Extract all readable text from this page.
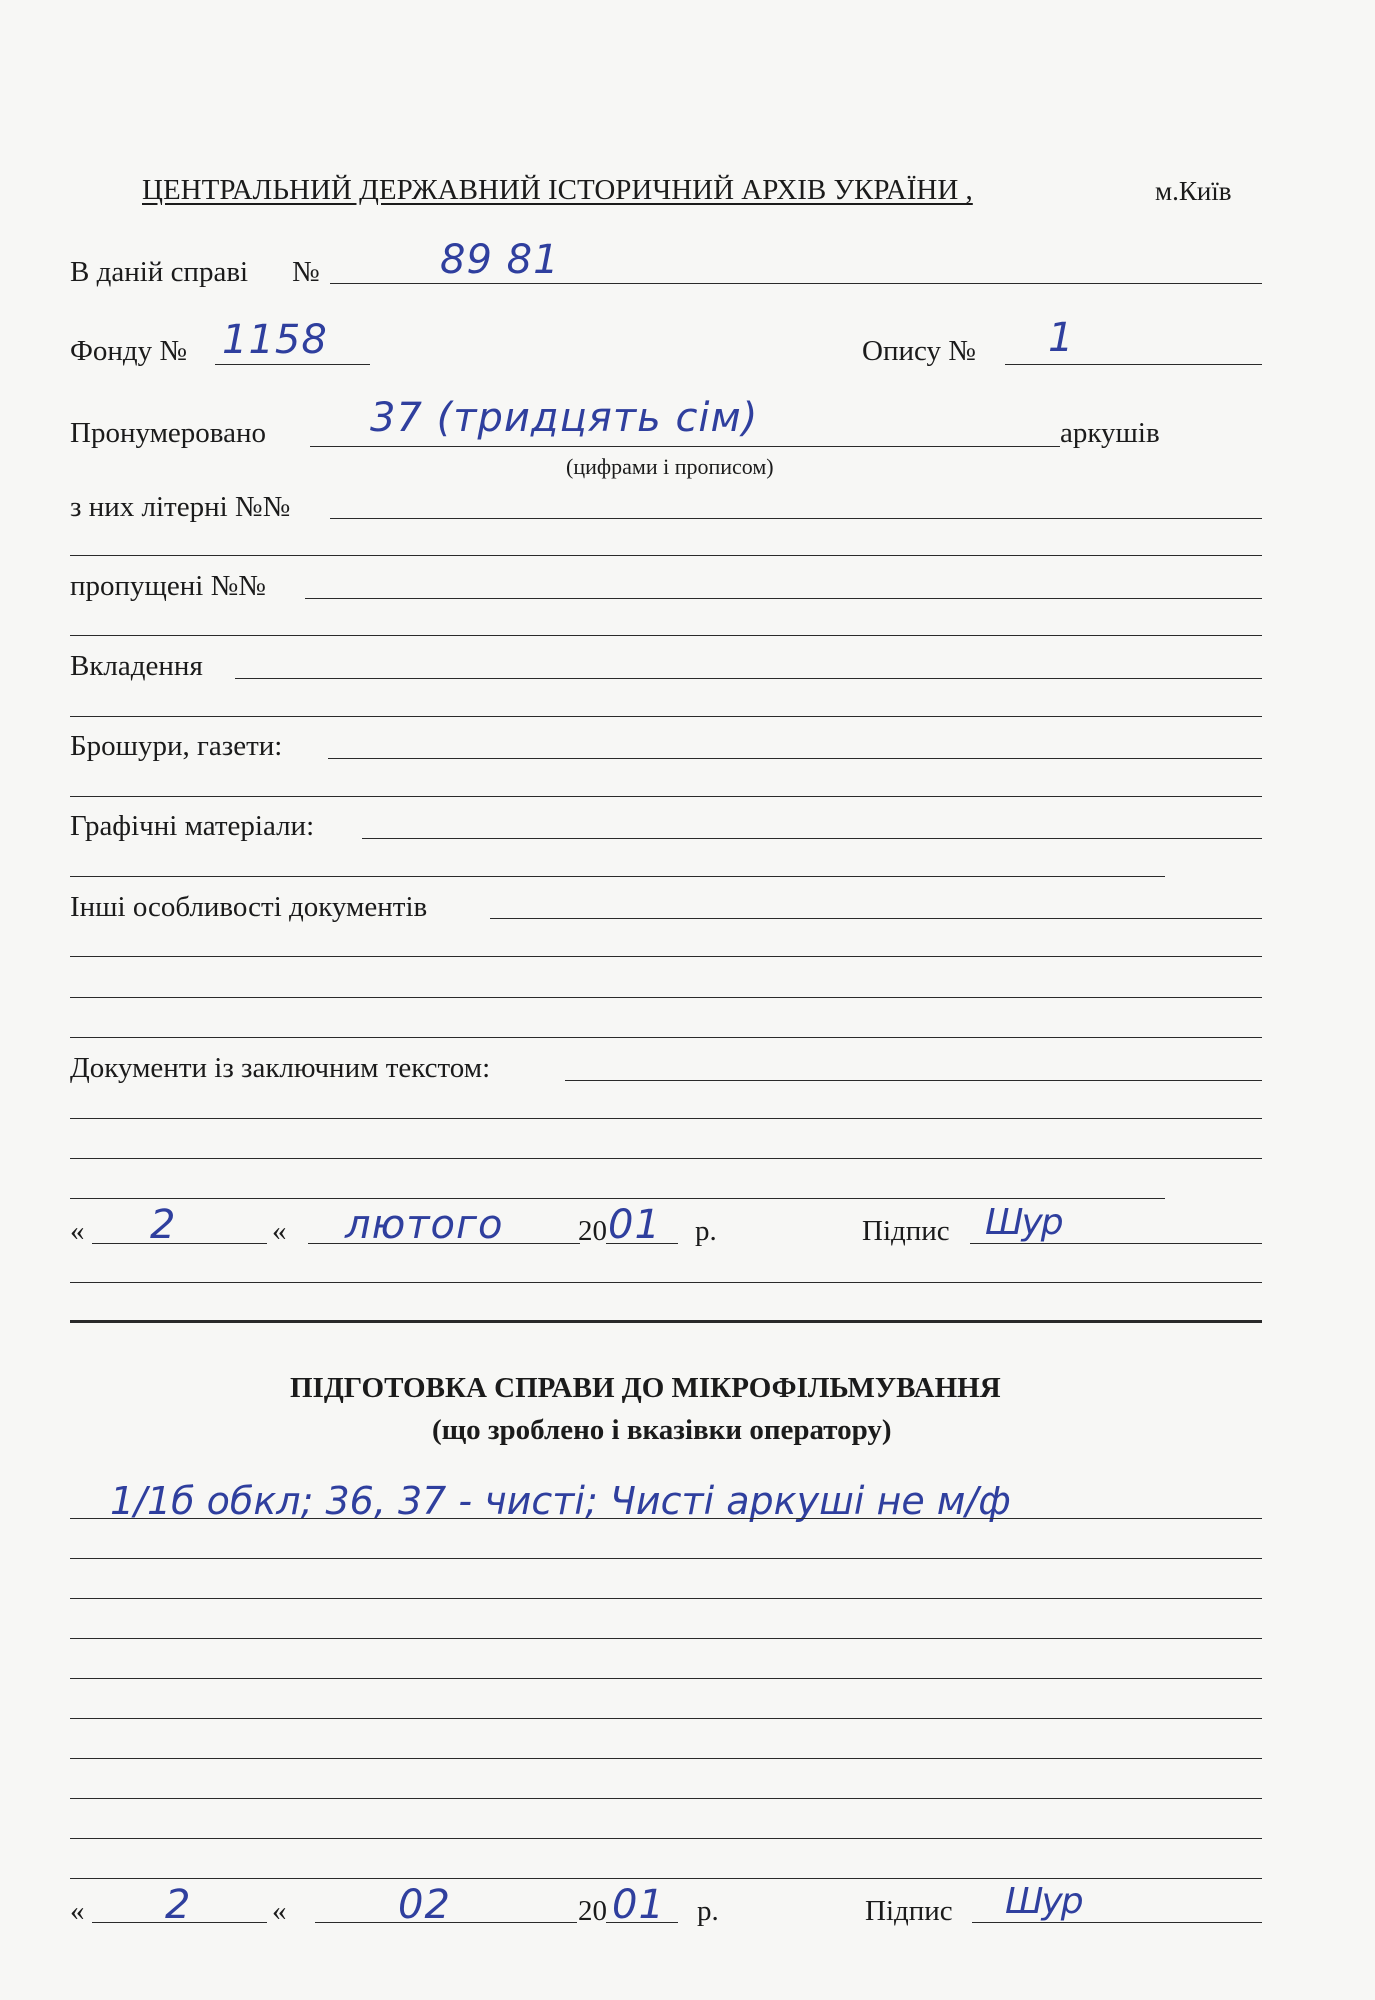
ЦЕНТРАЛЬНИЙ ДЕРЖАВНИЙ ІСТОРИЧНИЙ АРХІВ УКРАЇНИ ,	м.Київ
В даній справі №	89 81
Фонду № 1158	Опису № 1
Пронумеровано	37 (тридцять сім)	аркушів
(цифрами і прописом)
з них літерні №№
пропущені №№
Вкладення
Брошури, газети:
Графічні матеріали:
Інші особливості документів
Документи із заключним текстом:
« 2	« лютого	20 01 р.	Підпис Шур
ПІДГОТОВКА СПРАВИ ДО МІКРОФІЛЬМУВАННЯ
(що зроблено і вказівки оператору)
1/1б обкл; 36, 37 - чисті; Чисті аркуші не м/ф
« 2	«	02	20 01 р.	Підпис Шур
